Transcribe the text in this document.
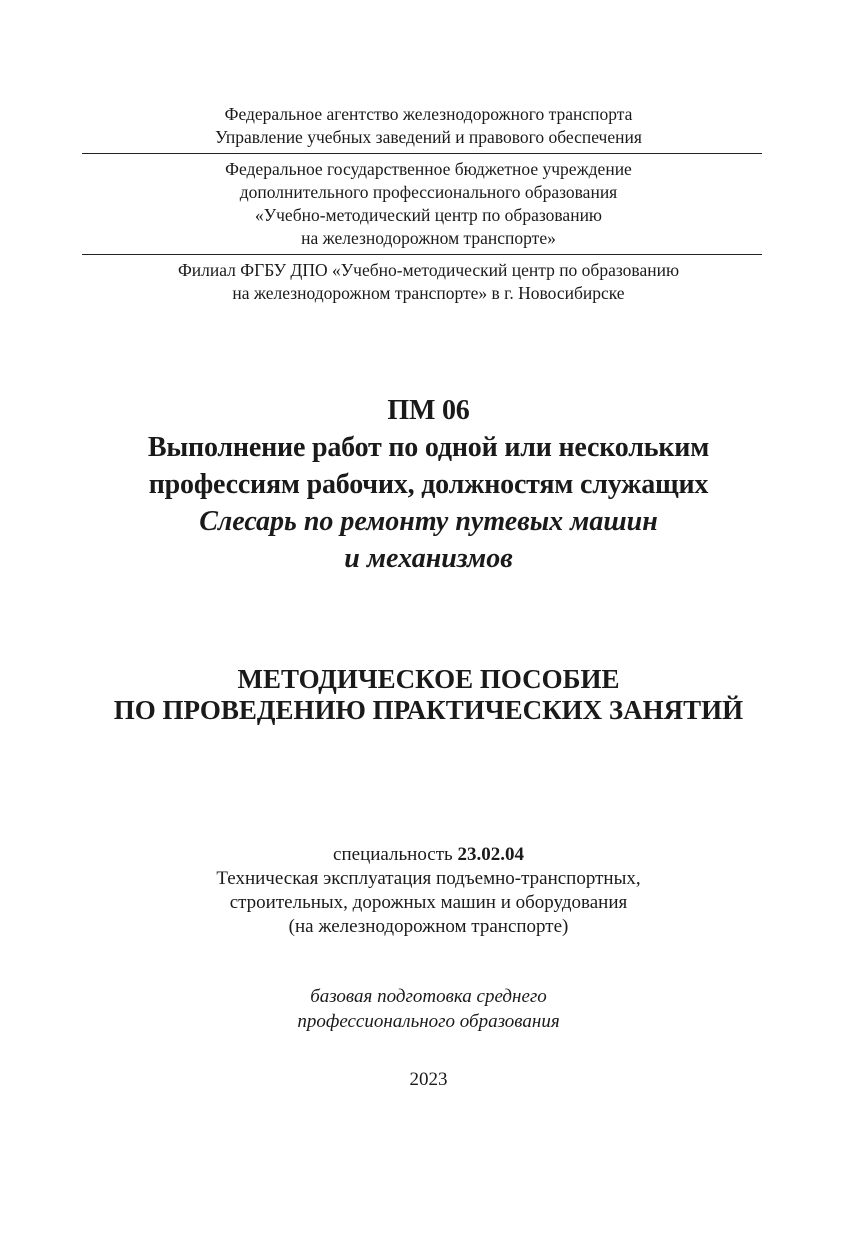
Федеральное агентство железнодорожного транспорта
Управление учебных заведений и правового обеспечения
Федеральное государственное бюджетное учреждение
дополнительного профессионального образования
«Учебно-методический центр по образованию
на железнодорожном транспорте»
Филиал ФГБУ ДПО «Учебно-методический центр по образованию
на железнодорожном транспорте» в г. Новосибирске
ПМ 06
Выполнение работ по одной или нескольким
профессиям рабочих, должностям служащих
Слесарь по ремонту путевых машин
и механизмов
МЕТОДИЧЕСКОЕ ПОСОБИЕ
ПО ПРОВЕДЕНИЮ ПРАКТИЧЕСКИХ ЗАНЯТИЙ
специальность 23.02.04
Техническая эксплуатация подъемно-транспортных,
строительных, дорожных машин и оборудования
(на железнодорожном транспорте)
базовая подготовка среднего
профессионального образования
2023
